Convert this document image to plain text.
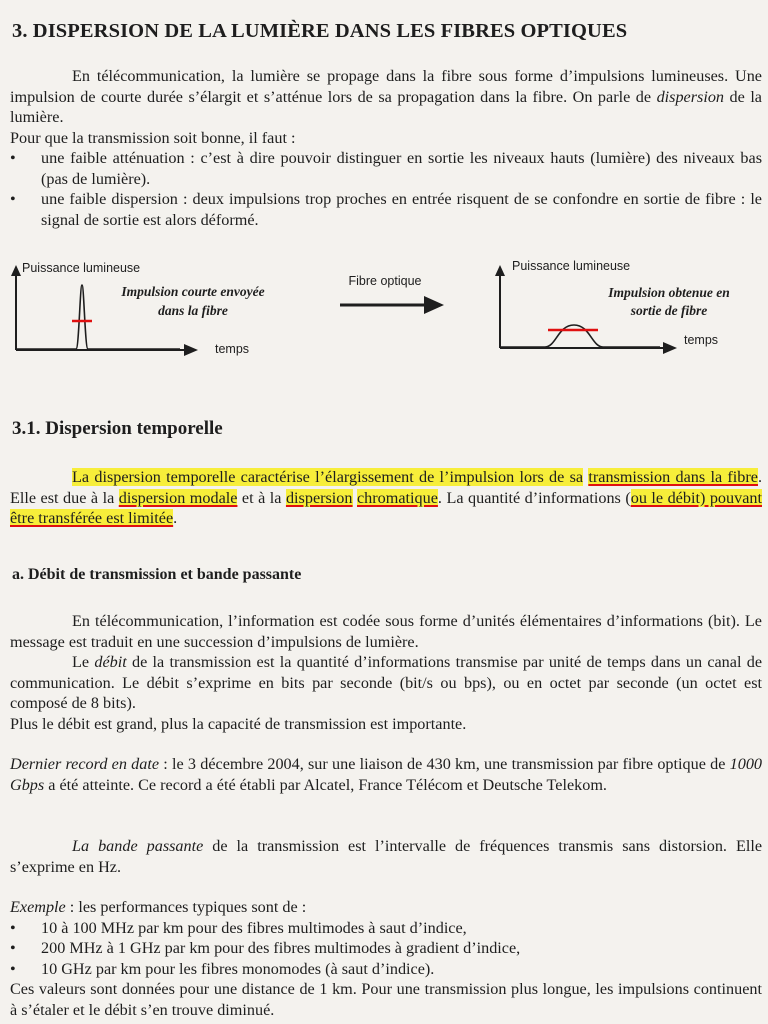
3. DISPERSION DE LA LUMIÈRE DANS LES FIBRES OPTIQUES

En télécommunication, la lumière se propage dans la fibre sous forme d’impulsions lumineuses. Une impulsion de courte durée s’élargit et s’atténue lors de sa propagation dans la fibre. On parle de dispersion de la lumière.

Pour que la transmission soit bonne, il faut :

•	une faible atténuation : c’est à dire pouvoir distinguer en sortie les niveaux hauts (lumière) des niveaux bas (pas de lumière).
•	une faible dispersion : deux impulsions trop proches en entrée risquent de se confondre en sortie de fibre : le signal de sortie est alors déformé.
Puissance lumineuse
Impulsion courte envoyée
dans la fibre
temps
Fibre optique
Puissance lumineuse
Impulsion obtenue en
sortie de fibre
temps
3.1. Dispersion temporelle

La dispersion temporelle caractérise l’élargissement de l’impulsion lors de sa transmission dans la fibre. Elle est due à la dispersion modale et à la dispersion chromatique. La quantité d’informations (ou le débit) pouvant être transférée est limitée.

a. Débit de transmission et bande passante

En télécommunication, l’information est codée sous forme d’unités élémentaires d’informations (bit). Le message est traduit en une succession d’impulsions de lumière.

Le débit de la transmission est la quantité d’informations transmise par unité de temps dans un canal de communication. Le débit s’exprime en bits par seconde (bit/s ou bps), ou en octet par seconde (un octet est composé de 8 bits).

Plus le débit est grand, plus la capacité de transmission est importante.

Dernier record en date : le 3 décembre 2004, sur une liaison de 430 km, une transmission par fibre optique de 1000 Gbps a été atteinte. Ce record a été établi par Alcatel, France Télécom et Deutsche Telekom.

La bande passante de la transmission est l’intervalle de fréquences transmis sans distorsion. Elle s’exprime en Hz.

Exemple : les performances typiques sont de :

•	10 à 100 MHz par km pour des fibres multimodes à saut d’indice,
•	200 MHz à 1 GHz par km pour des fibres multimodes à gradient d’indice,
•	10 GHz par km pour les fibres monomodes (à saut d’indice).

Ces valeurs sont données pour une distance de 1 km. Pour une transmission plus longue, les impulsions continuent à s’étaler et le débit s’en trouve diminué.
